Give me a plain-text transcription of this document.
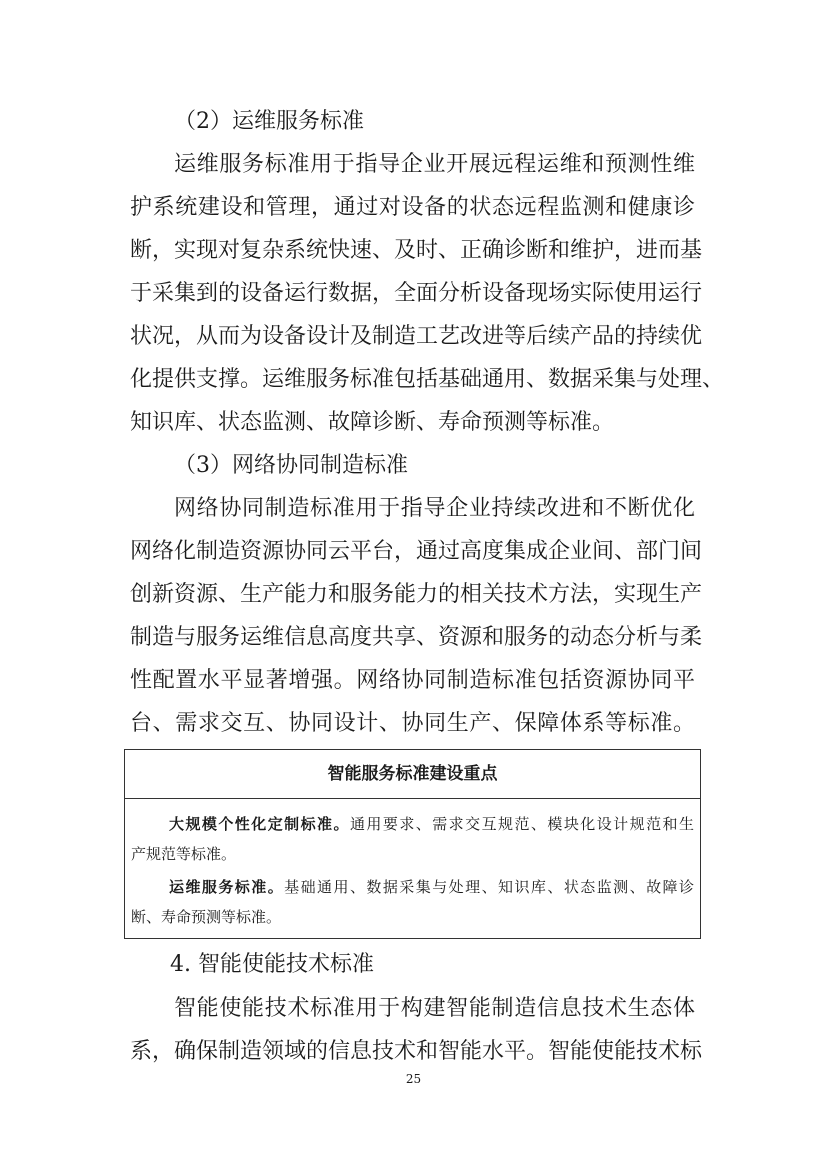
（2）运维服务标准
运维服务标准用于指导企业开展远程运维和预测性维
护系统建设和管理，通过对设备的状态远程监测和健康诊
断，实现对复杂系统快速、及时、正确诊断和维护，进而基
于采集到的设备运行数据，全面分析设备现场实际使用运行
状况，从而为设备设计及制造工艺改进等后续产品的持续优
化提供支撑。运维服务标准包括基础通用、数据采集与处理、
知识库、状态监测、故障诊断、寿命预测等标准。
（3）网络协同制造标准
网络协同制造标准用于指导企业持续改进和不断优化
网络化制造资源协同云平台，通过高度集成企业间、部门间
创新资源、生产能力和服务能力的相关技术方法，实现生产
制造与服务运维信息高度共享、资源和服务的动态分析与柔
性配置水平显著增强。网络协同制造标准包括资源协同平
台、需求交互、协同设计、协同生产、保障体系等标准。
智能服务标准建设重点
大规模个性化定制标准。通用要求、需求交互规范、模块化设计规范和生
产规范等标准。
运维服务标准。基础通用、数据采集与处理、知识库、状态监测、故障诊
断、寿命预测等标准。
4. 智能使能技术标准
智能使能技术标准用于构建智能制造信息技术生态体
系，确保制造领域的信息技术和智能水平。智能使能技术标
25
